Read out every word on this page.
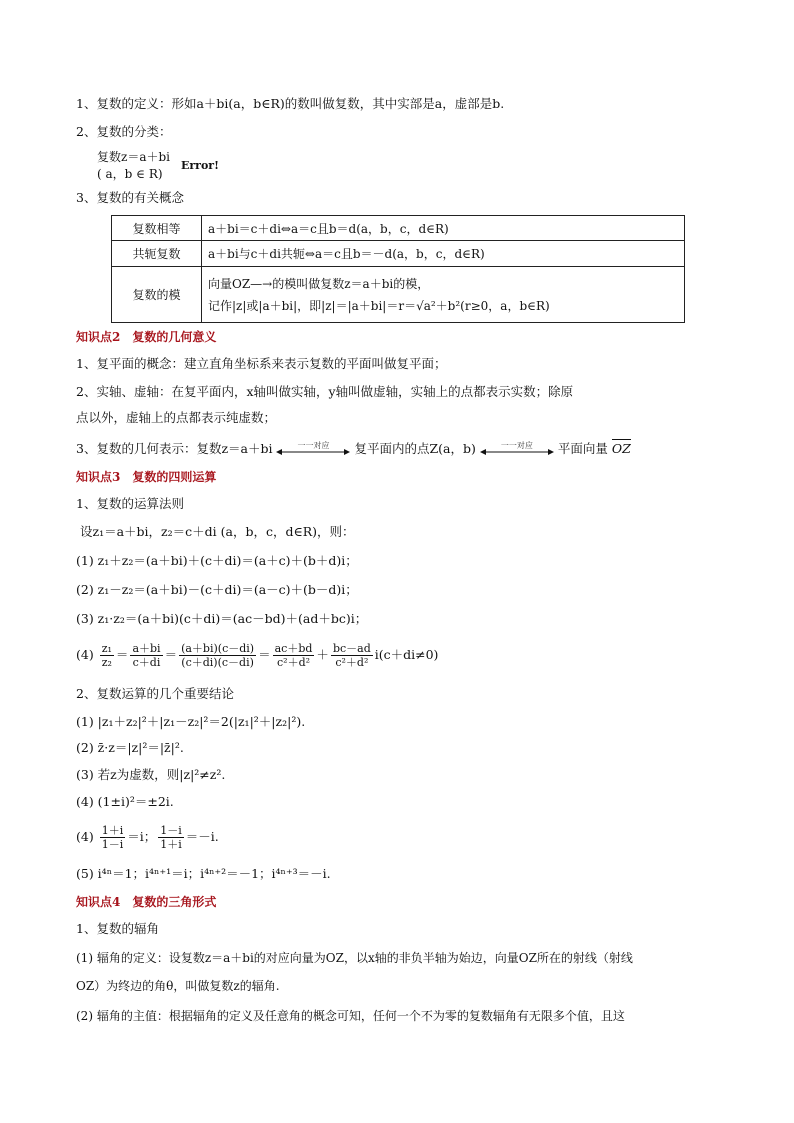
1、复数的定义：形如a＋bi(a，b∈R)的数叫做复数，其中实部是a，虚部是b.
2、复数的分类：
复数z＝a＋bi
( a，b ∈ R)
Error!
3、复数的有关概念
复数相等	a＋bi＝c＋di⇔a＝c且b＝d(a，b，c，d∈R)
共轭复数	a＋bi与c＋di共轭⇔a＝c且b＝－d(a，b，c，d∈R)
复数的模	向量OZ—→的模叫做复数z＝a＋bi的模，
记作|z|或|a＋bi|，即|z|＝|a＋bi|＝r＝√a²＋b²(r≥0，a，b∈R)
知识点2 复数的几何意义
1、复平面的概念：建立直角坐标系来表示复数的平面叫做复平面；
2、实轴、虚轴：在复平面内，x轴叫做实轴，y轴叫做虚轴，实轴上的点都表示实数；除原
点以外，虚轴上的点都表示纯虚数；
3、复数的几何表示：复数z＝a＋bi	一一对应	复平面内的点Z(a，b)	一一对应	平面向量 OZ
知识点3 复数的四则运算
1、复数的运算法则
设z₁＝a＋bi，z₂＝c＋di (a，b，c，d∈R)，则：
(1) z₁＋z₂＝(a＋bi)＋(c＋di)＝(a＋c)＋(b＋d)i；
(2) z₁－z₂＝(a＋bi)－(c＋di)＝(a－c)＋(b－d)i；
(3) z₁·z₂＝(a＋bi)(c＋di)＝(ac－bd)＋(ad＋bc)i；
$(4) \frac{\text{z₁}}{\text{z₂}} = \frac{a+bi}{c+di} = \frac{(a+bi)(c-di)}{(c+di)(c-di)} = \frac{ac+bd}{\text{c²＋d²}} + \frac{bc-ad}{\text{c²＋d²}} i(c+di\ne 0)$
2、复数运算的几个重要结论
(1) |z₁＋z₂|²＋|z₁－z₂|²＝2(|z₁|²＋|z₂|²).
(2) z̄·z＝|z|²＝|z̄|².
(3) 若z为虚数，则|z|²≠z².
(4) (1±i)²＝±2i.
$(4) \frac{1+i}{1-i} =i$； $\frac{1-i}{1+i} =-i$.
(5) i⁴ⁿ＝1；i⁴ⁿ⁺¹＝i；i⁴ⁿ⁺²＝－1；i⁴ⁿ⁺³＝－i.
知识点4 复数的三角形式
1、复数的辐角
(1) 辐角的定义：设复数z＝a＋bi的对应向量为OZ，以x轴的非负半轴为始边，向量OZ所在的射线（射线
OZ）为终边的角θ，叫做复数z的辐角.
(2) 辐角的主值：根据辐角的定义及任意角的概念可知，任何一个不为零的复数辐角有无限多个值，且这
